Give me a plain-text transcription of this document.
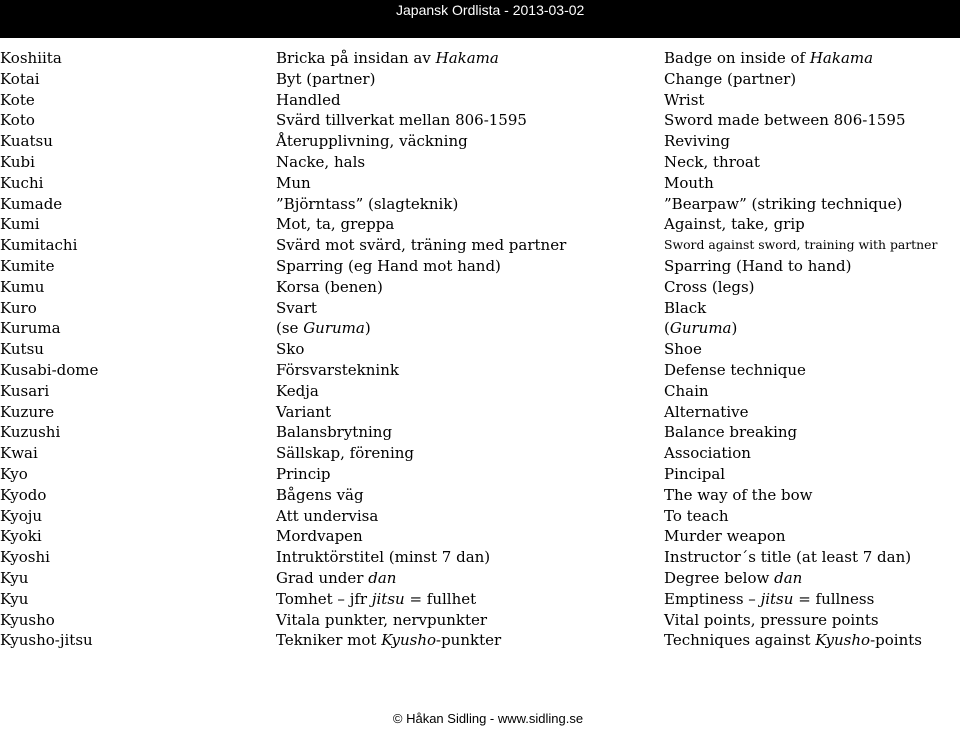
Japansk Ordlista - 2013-03-02
Koshiita	Bricka på insidan av Hakama	Badge on inside of Hakama
Kotai	Byt (partner)	Change (partner)
Kote	Handled	Wrist
Koto	Svärd tillverkat mellan 806-1595	Sword made between 806-1595
Kuatsu	Återupplivning, väckning	Reviving
Kubi	Nacke, hals	Neck, throat
Kuchi	Mun	Mouth
Kumade	”Björntass” (slagteknik)	”Bearpaw” (striking technique)
Kumi	Mot, ta, greppa	Against, take, grip
Kumitachi	Svärd mot svärd, träning med partner	Sword against sword, training with partner
Kumite	Sparring (eg Hand mot hand)	Sparring (Hand to hand)
Kumu	Korsa (benen)	Cross (legs)
Kuro	Svart	Black
Kuruma	(se Guruma)	(Guruma)
Kutsu	Sko	Shoe
Kusabi-dome	Försvarsteknink	Defense technique
Kusari	Kedja	Chain
Kuzure	Variant	Alternative
Kuzushi	Balansbrytning	Balance breaking
Kwai	Sällskap, förening	Association
Kyo	Princip	Pincipal
Kyodo	Bågens väg	The way of the bow
Kyoju	Att undervisa	To teach
Kyoki	Mordvapen	Murder weapon
Kyoshi	Intruktörstitel (minst 7 dan)	Instructor´s title (at least 7 dan)
Kyu	Grad under dan	Degree below dan
Kyu	Tomhet – jfr jitsu = fullhet	Emptiness – jitsu = fullness
Kyusho	Vitala punkter, nervpunkter	Vital points, pressure points
Kyusho-jitsu	Tekniker mot Kyusho-punkter	Techniques against Kyusho-points
© Håkan Sidling - www.sidling.se
